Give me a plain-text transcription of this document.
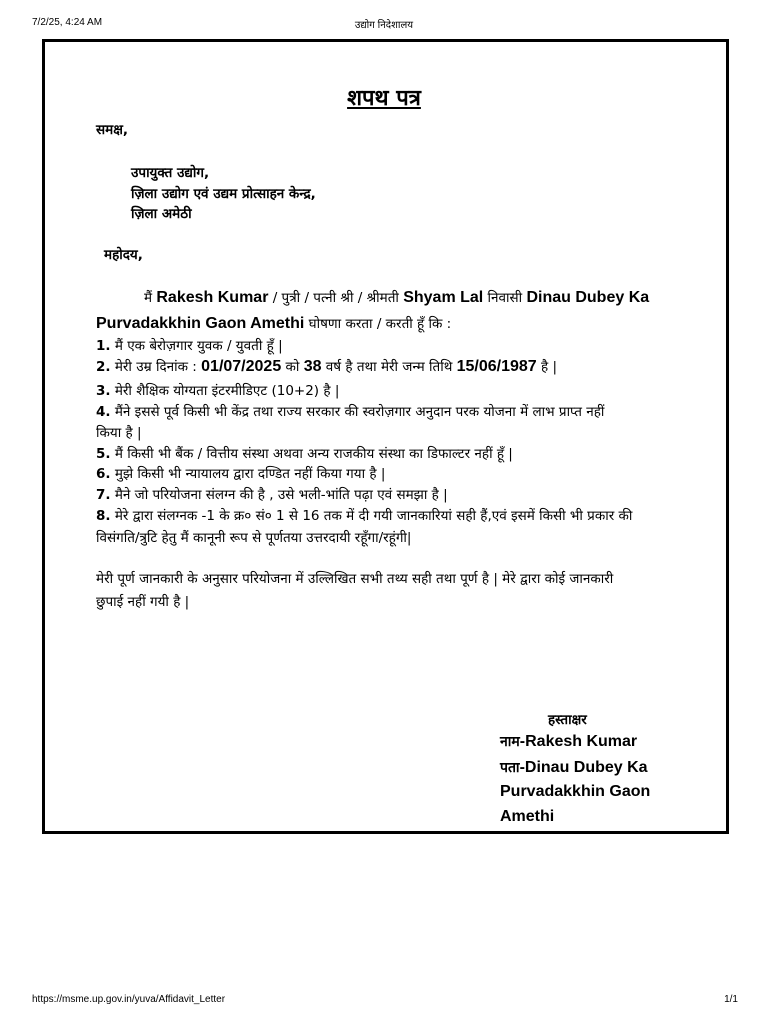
7/2/25, 4:24 AM	उद्योग निदेशालय
शपथ पत्र
समक्ष,
उपायुक्त उद्योग,
ज़िला उद्योग एवं उद्यम प्रोत्साहन केन्द्र,
ज़िला अमेठी
महोदय,
मैं Rakesh Kumar / पुत्री / पत्नी श्री / श्रीमती Shyam Lal निवासी Dinau Dubey Ka
Purvadakkhin Gaon Amethi घोषणा करता / करती हूँ कि :
1. मैं एक बेरोज़गार युवक / युवती हूँ |
2. मेरी उम्र दिनांक : 01/07/2025 को 38 वर्ष है तथा मेरी जन्म तिथि 15/06/1987 है |
3. मेरी शैक्षिक योग्यता इंटरमीडिएट (10+2) है |
4. मैंने इससे पूर्व किसी भी केंद्र तथा राज्य सरकार की स्वरोज़गार अनुदान परक योजना में लाभ प्राप्त नहीं
किया है |
5. मैं किसी भी बैंक / वित्तीय संस्था अथवा अन्य राजकीय संस्था का डिफाल्टर नहीं हूँ |
6. मुझे किसी भी न्यायालय द्वारा दण्डित नहीं किया गया है |
7. मैने जो परियोजना संलग्न की है , उसे भली-भांति पढ़ा एवं समझा है |
8. मेरे द्वारा संलग्नक -1 के क्र० सं० 1 से 16 तक में दी गयी जानकारियां सही हैं,एवं इसमें किसी भी प्रकार की
विसंगति/त्रुटि हेतु मैं कानूनी रूप से पूर्णतया उत्तरदायी रहूँगा/रहूंगी|
मेरी पूर्ण जानकारी के अनुसार परियोजना में उल्लिखित सभी तथ्य सही तथा पूर्ण है | मेरे द्वारा कोई जानकारी
छुपाई नहीं गयी है |
हस्ताक्षर
नाम-Rakesh Kumar
पता-Dinau Dubey Ka
Purvadakkhin Gaon
Amethi
https://msme.up.gov.in/yuva/Affidavit_Letter	1/1
